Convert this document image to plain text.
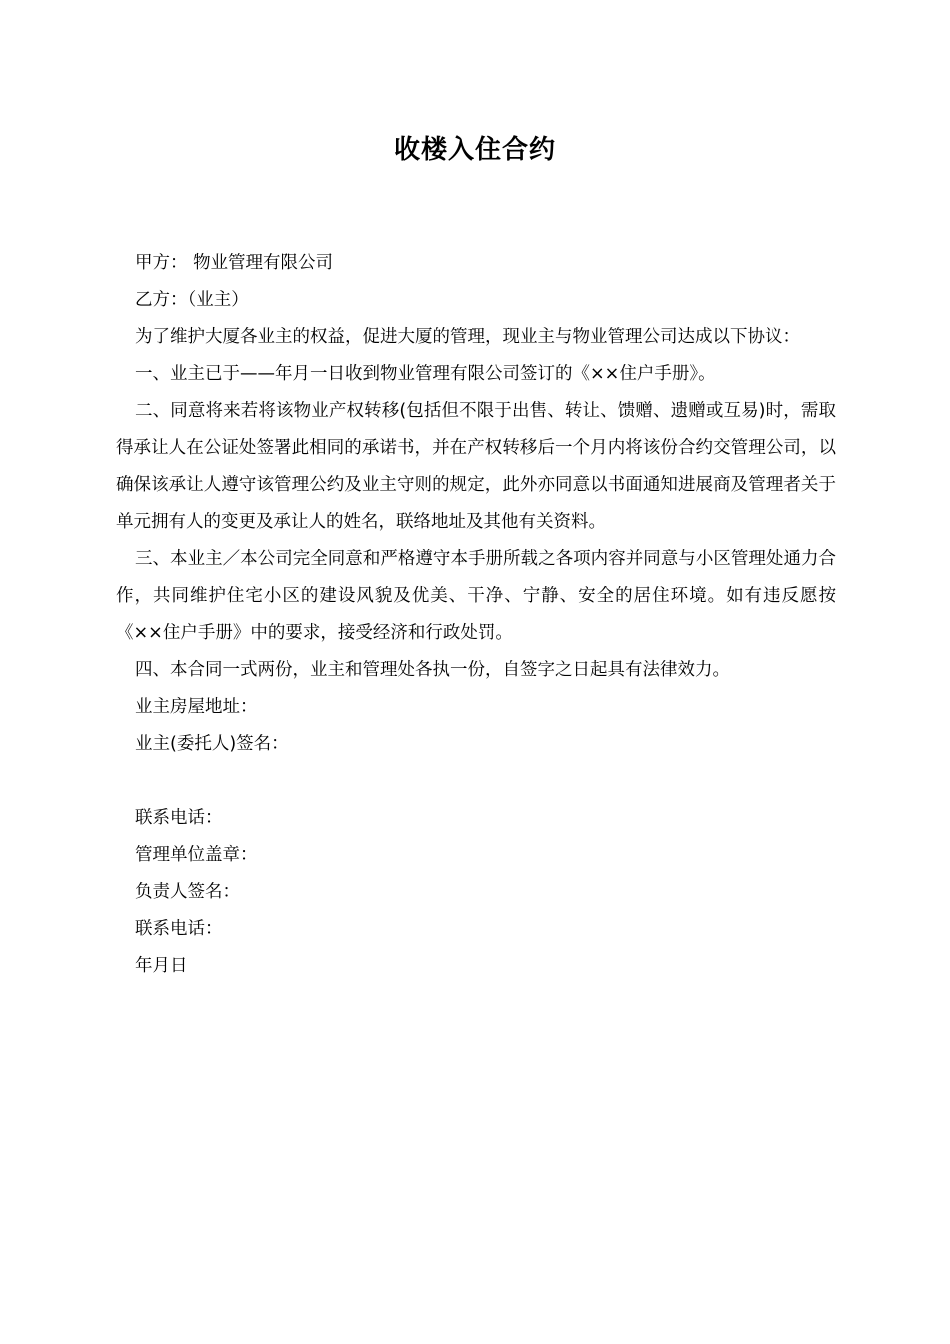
收楼入住合约

甲方： 物业管理有限公司

乙方：（业主）

为了维护大厦各业主的权益，促进大厦的管理，现业主与物业管理公司达成以下协议：

一、业主已于——年月一日收到物业管理有限公司签订的《××住户手册》。

二、同意将来若将该物业产权转移(包括但不限于出售、转让、馈赠、遗赠或互易)时，需取得承让人在公证处签署此相同的承诺书，并在产权转移后一个月内将该份合约交管理公司，以确保该承让人遵守该管理公约及业主守则的规定，此外亦同意以书面通知进展商及管理者关于单元拥有人的变更及承让人的姓名，联络地址及其他有关资料。

三、本业主／本公司完全同意和严格遵守本手册所载之各项内容并同意与小区管理处通力合作，共同维护住宅小区的建设风貌及优美、干净、宁静、安全的居住环境。如有违反愿按《××住户手册》中的要求，接受经济和行政处罚。

四、本合同一式两份，业主和管理处各执一份，自签字之日起具有法律效力。

业主房屋地址：

业主(委托人)签名：

联系电话：

管理单位盖章：

负责人签名：

联系电话：

年月日
